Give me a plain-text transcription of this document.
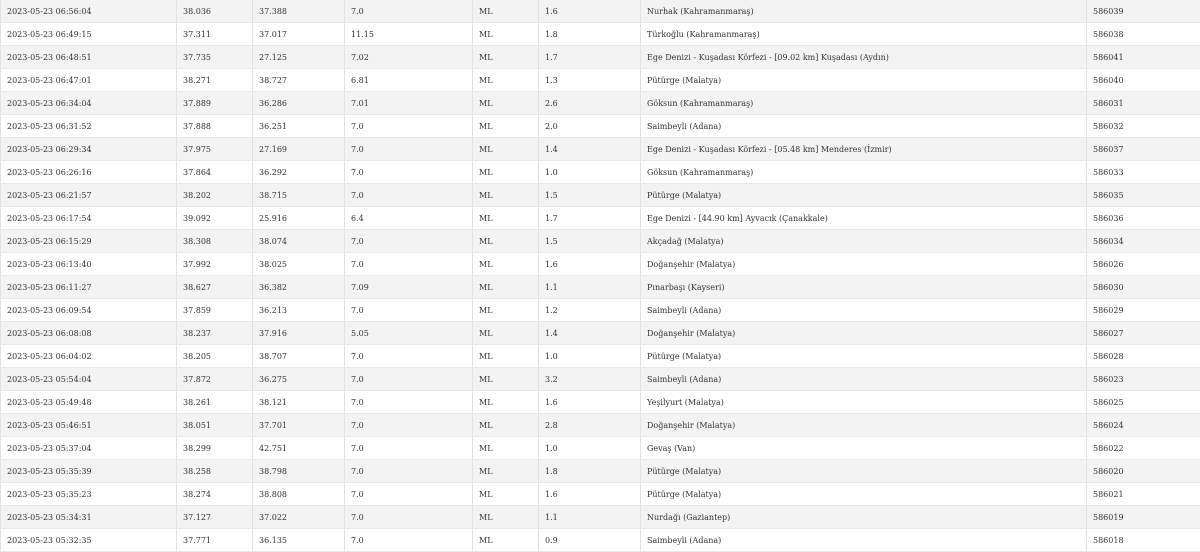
2023-05-23 06:56:04	38.036	37.388	7.0	ML	1.6	Nurhak (Kahramanmaraş)	586039
2023-05-23 06:49:15	37.311	37.017	11.15	ML	1.8	Türkoğlu (Kahramanmaraş)	586038
2023-05-23 06:48:51	37.735	27.125	7.02	ML	1.7	Ege Denizi - Kuşadası Körfezi - [09.02 km] Kuşadası (Aydın)	586041
2023-05-23 06:47:01	38.271	38.727	6.81	ML	1.3	Pütürge (Malatya)	586040
2023-05-23 06:34:04	37.889	36.286	7.01	ML	2.6	Göksun (Kahramanmaraş)	586031
2023-05-23 06:31:52	37.888	36.251	7.0	ML	2.0	Saimbeyli (Adana)	586032
2023-05-23 06:29:34	37.975	27.169	7.0	ML	1.4	Ege Denizi - Kuşadası Körfezi - [05.48 km] Menderes (İzmir)	586037
2023-05-23 06:26:16	37.864	36.292	7.0	ML	1.0	Göksun (Kahramanmaraş)	586033
2023-05-23 06:21:57	38.202	38.715	7.0	ML	1.5	Pütürge (Malatya)	586035
2023-05-23 06:17:54	39.092	25.916	6.4	ML	1.7	Ege Denizi - [44.90 km] Ayvacık (Çanakkale)	586036
2023-05-23 06:15:29	38.308	38.074	7.0	ML	1.5	Akçadağ (Malatya)	586034
2023-05-23 06:13:40	37.992	38.025	7.0	ML	1.6	Doğanşehir (Malatya)	586026
2023-05-23 06:11:27	38.627	36.382	7.09	ML	1.1	Pınarbaşı (Kayseri)	586030
2023-05-23 06:09:54	37.859	36.213	7.0	ML	1.2	Saimbeyli (Adana)	586029
2023-05-23 06:08:08	38.237	37.916	5.05	ML	1.4	Doğanşehir (Malatya)	586027
2023-05-23 06:04:02	38.205	38.707	7.0	ML	1.0	Pütürge (Malatya)	586028
2023-05-23 05:54:04	37.872	36.275	7.0	ML	3.2	Saimbeyli (Adana)	586023
2023-05-23 05:49:48	38.261	38.121	7.0	ML	1.6	Yeşilyurt (Malatya)	586025
2023-05-23 05:46:51	38.051	37.701	7.0	ML	2.8	Doğanşehir (Malatya)	586024
2023-05-23 05:37:04	38.299	42.751	7.0	ML	1.0	Gevaş (Van)	586022
2023-05-23 05:35:39	38.258	38.798	7.0	ML	1.8	Pütürge (Malatya)	586020
2023-05-23 05:35:23	38.274	38.808	7.0	ML	1.6	Pütürge (Malatya)	586021
2023-05-23 05:34:31	37.127	37.022	7.0	ML	1.1	Nurdağı (Gaziantep)	586019
2023-05-23 05:32:35	37.771	36.135	7.0	ML	0.9	Saimbeyli (Adana)	586018
